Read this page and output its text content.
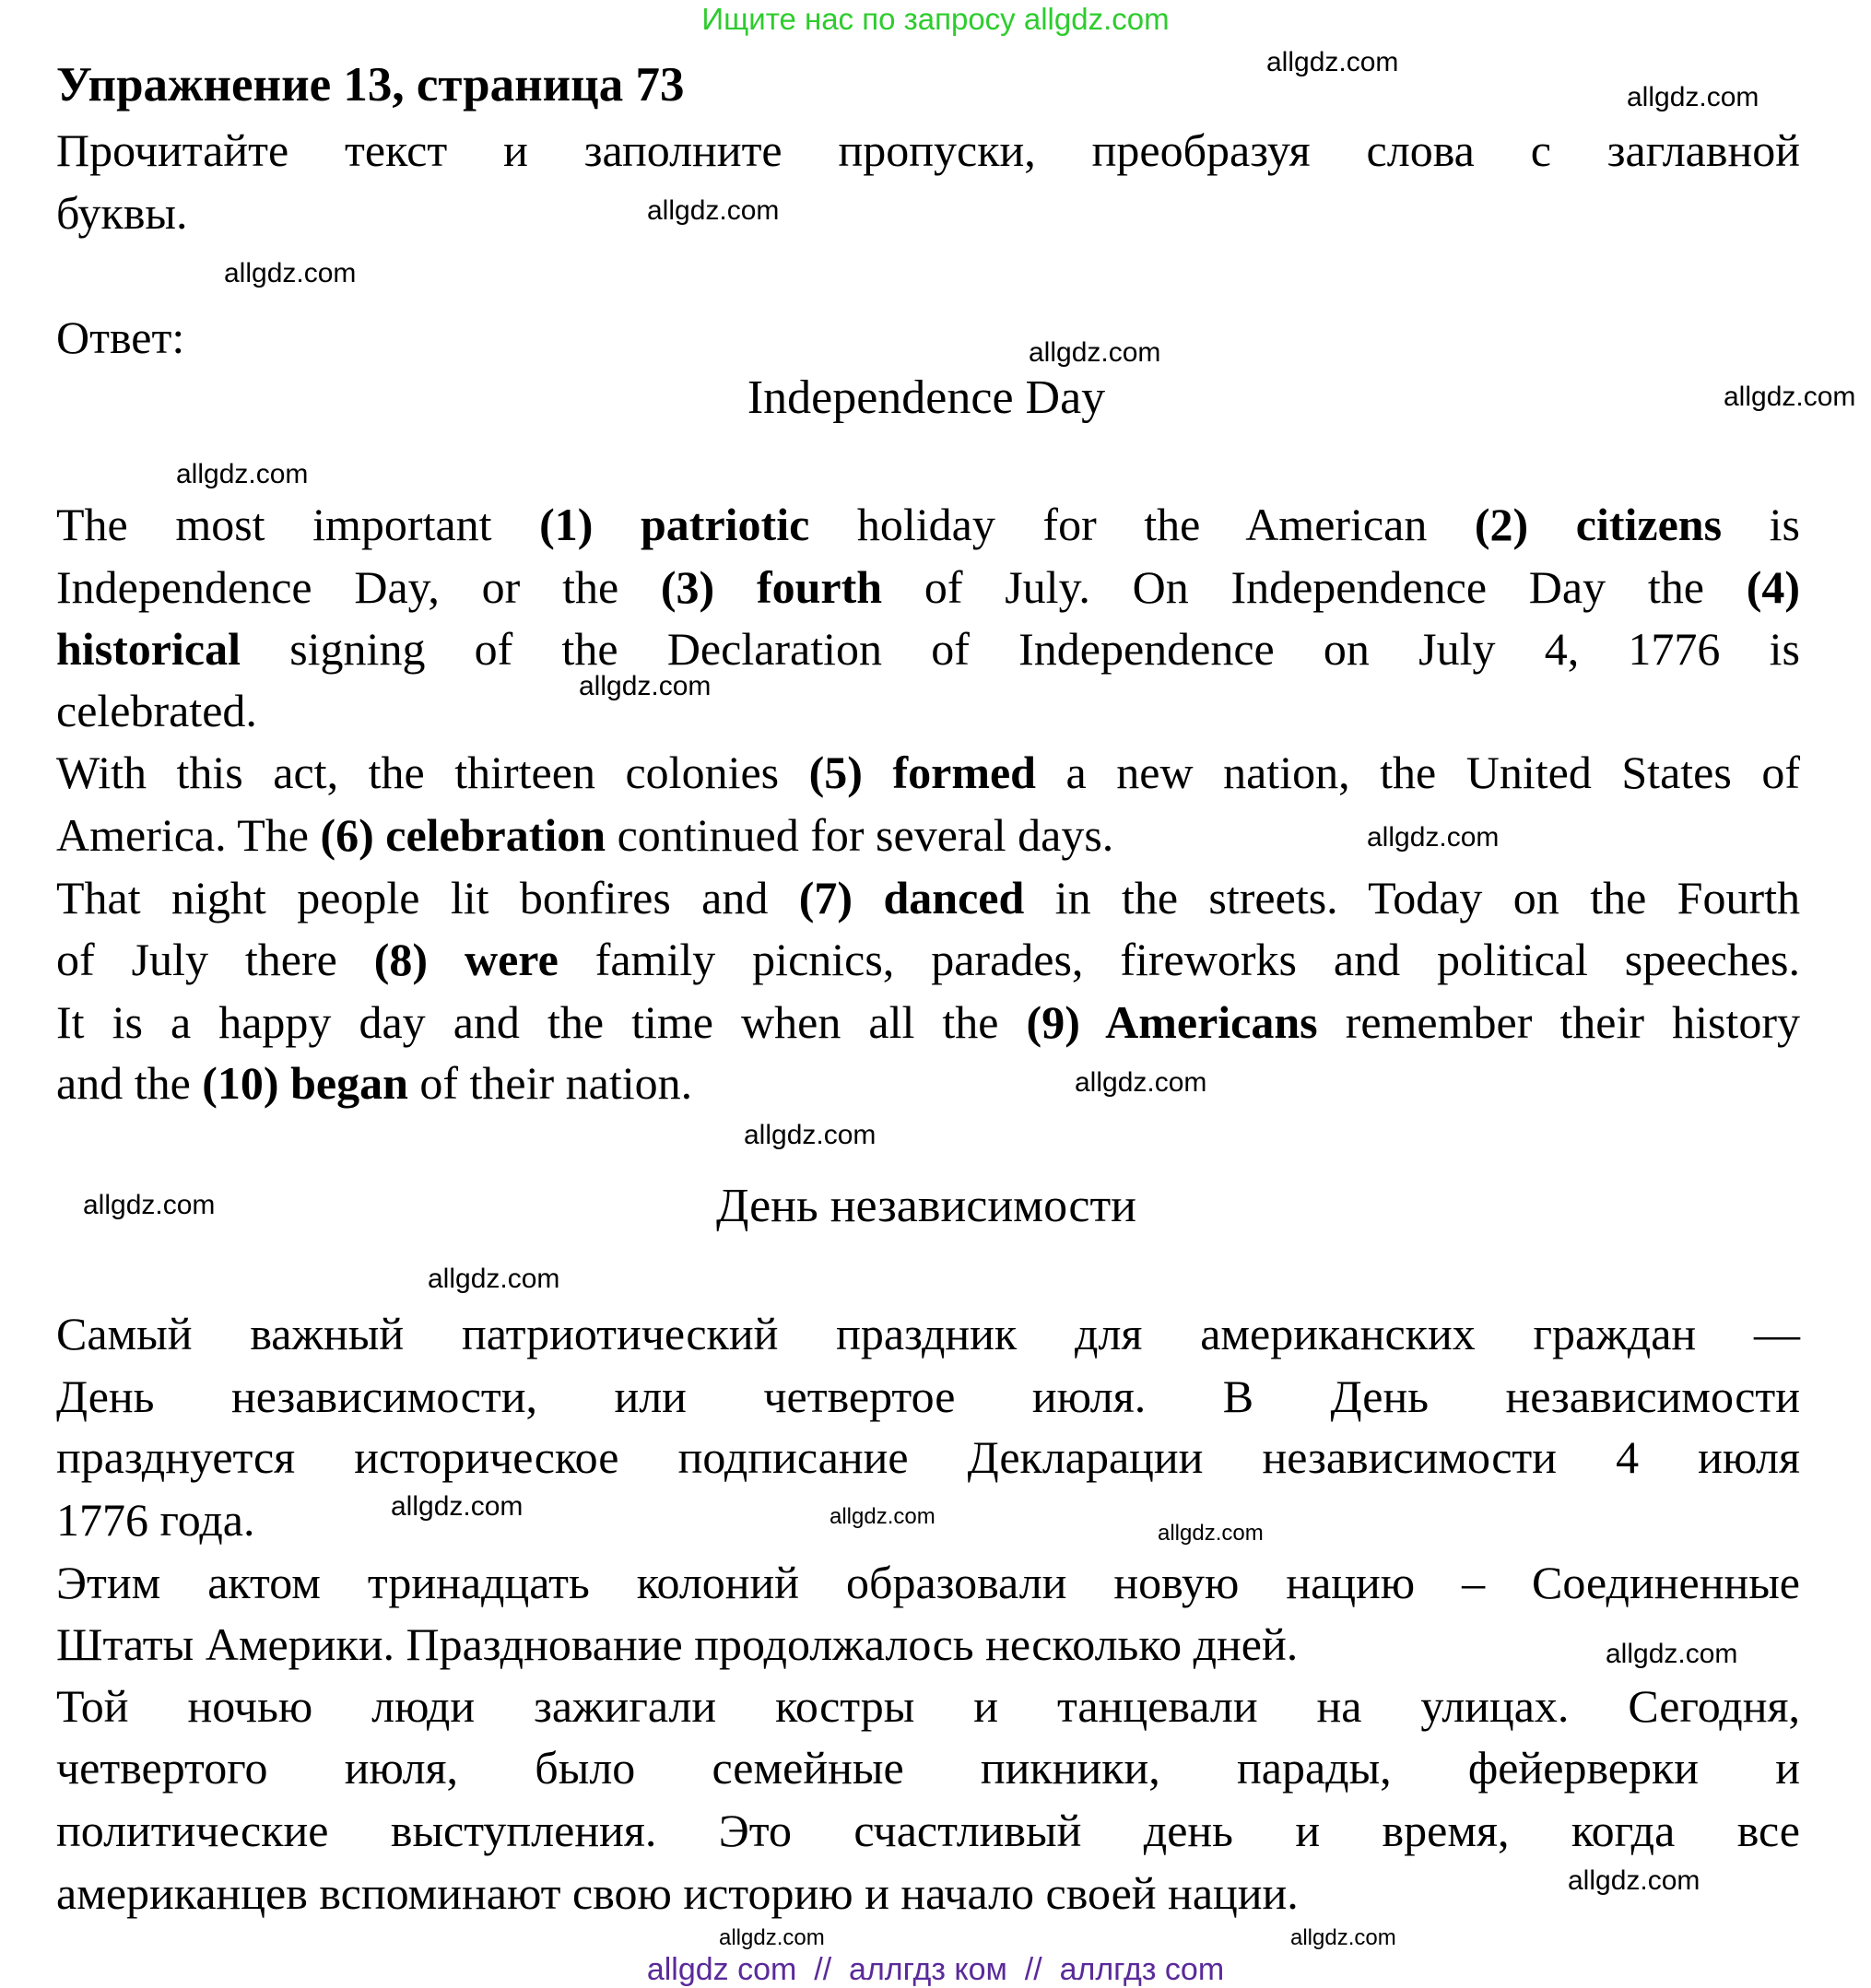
Ищите нас по запросу allgdz.com
Упражнение 13, страница 73
Прочитайте текст и заполните пропуски, преобразуя слова с заглавной
буквы.
Ответ:
Independence Day
The most important (1) patriotic holiday for the American (2) citizens is
Independence Day, or the (3) fourth of July. On Independence Day the (4)
historical signing of the Declaration of Independence on July 4, 1776 is
celebrated.
With this act, the thirteen colonies (5) formed a new nation, the United States of
America. The (6) celebration continued for several days.
That night people lit bonfires and (7) danced in the streets. Today on the Fourth
of July there (8) were family picnics, parades, fireworks and political speeches.
It is a happy day and the time when all the (9) Americans remember their history
and the (10) began of their nation.
День независимости
Самый важный патриотический праздник для американских граждан —
День независимости, или четвертое июля. В День независимости
празднуется историческое подписание Декларации независимости 4 июля
1776 года.
Этим актом тринадцать колоний образовали новую нацию – Соединенные
Штаты Америки. Празднование продолжалось несколько дней.
Той ночью люди зажигали костры и танцевали на улицах. Сегодня,
четвертого июля, было семейные пикники, парады, фейерверки и
политические выступления. Это счастливый день и время, когда все
американцев вспоминают свою историю и начало своей нации.
allgdz.com
allgdz.com
allgdz.com
allgdz.com
allgdz.com
allgdz.com
allgdz.com
allgdz.com
allgdz.com
allgdz.com
allgdz.com
allgdz.com
allgdz.com
allgdz.com
allgdz.com
allgdz.com
allgdz.com
allgdz.com
allgdz.com
allgdz.com
allgdz com  //  аллгдз ком  //  аллгдз com
